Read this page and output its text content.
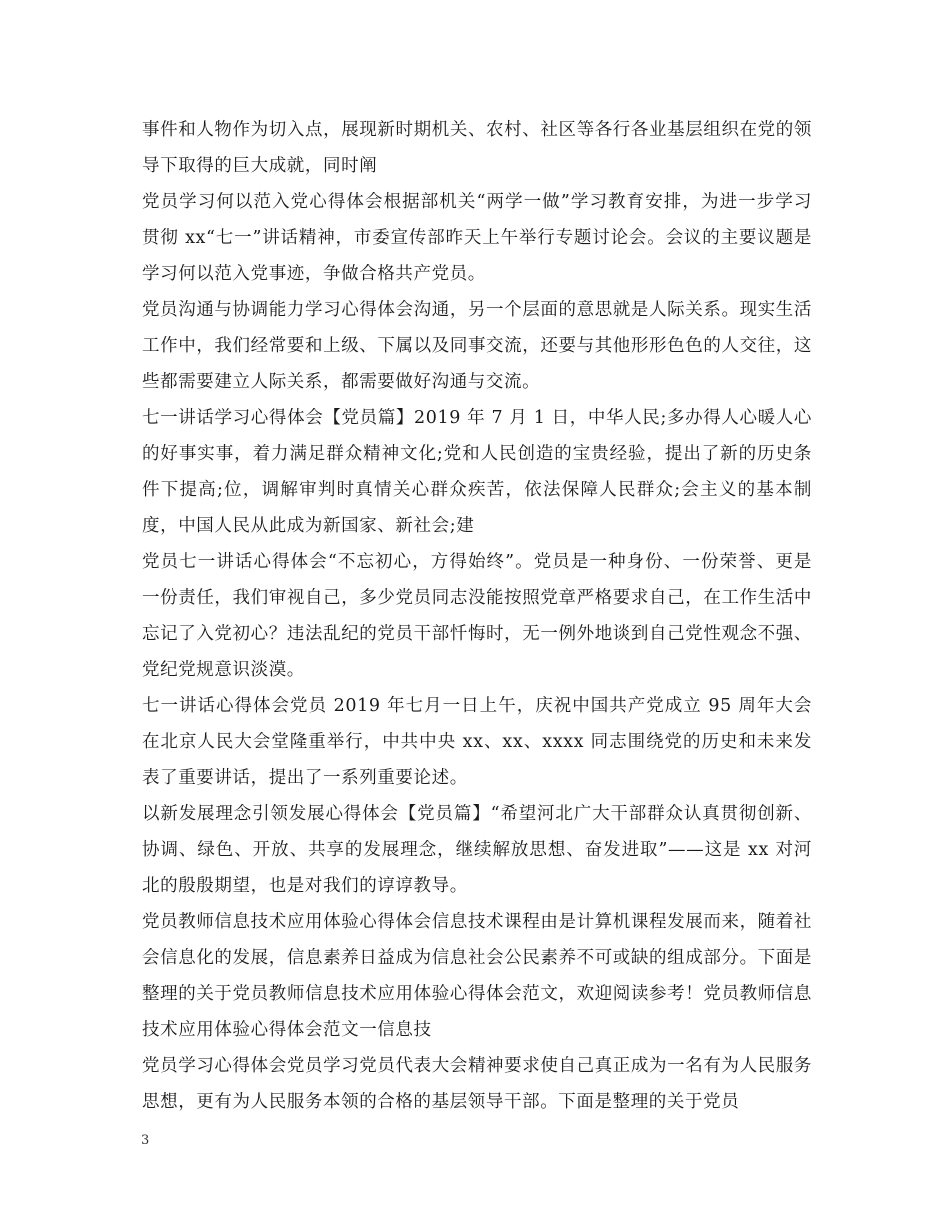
事件和人物作为切入点，展现新时期机关、农村、社区等各行各业基层组织在党的领导下取得的巨大成就，同时阐

党员学习何以范入党心得体会根据部机关“两学一做”学习教育安排，为进一步学习贯彻 xx“七一”讲话精神，市委宣传部昨天上午举行专题讨论会。会议的主要议题是学习何以范入党事迹，争做合格共产党员。

党员沟通与协调能力学习心得体会沟通，另一个层面的意思就是人际关系。现实生活工作中，我们经常要和上级、下属以及同事交流，还要与其他形形色色的人交往，这些都需要建立人际关系，都需要做好沟通与交流。

七一讲话学习心得体会【党员篇】2019 年 7 月 1 日，中华人民;多办得人心暖人心的好事实事，着力满足群众精神文化;党和人民创造的宝贵经验，提出了新的历史条件下提高;位，调解审判时真情关心群众疾苦，依法保障人民群众;会主义的基本制度，中国人民从此成为新国家、新社会;建

党员七一讲话心得体会“不忘初心，方得始终”。党员是一种身份、一份荣誉、更是一份责任，我们审视自己，多少党员同志没能按照党章严格要求自己，在工作生活中忘记了入党初心？违法乱纪的党员干部忏悔时，无一例外地谈到自己党性观念不强、党纪党规意识淡漠。

七一讲话心得体会党员 2019 年七月一日上午，庆祝中国共产党成立 95 周年大会在北京人民大会堂隆重举行，中共中央 xx、xx、xxxx 同志围绕党的历史和未来发表了重要讲话，提出了一系列重要论述。

以新发展理念引领发展心得体会【党员篇】“希望河北广大干部群众认真贯彻创新、协调、绿色、开放、共享的发展理念，继续解放思想、奋发进取”——这是 xx 对河北的殷殷期望，也是对我们的谆谆教导。

党员教师信息技术应用体验心得体会信息技术课程由是计算机课程发展而来，随着社会信息化的发展，信息素养日益成为信息社会公民素养不可或缺的组成部分。下面是整理的关于党员教师信息技术应用体验心得体会范文，欢迎阅读参考！党员教师信息技术应用体验心得体会范文一信息技

党员学习心得体会党员学习党员代表大会精神要求使自己真正成为一名有为人民服务思想，更有为人民服务本领的合格的基层领导干部。下面是整理的关于党员

3
